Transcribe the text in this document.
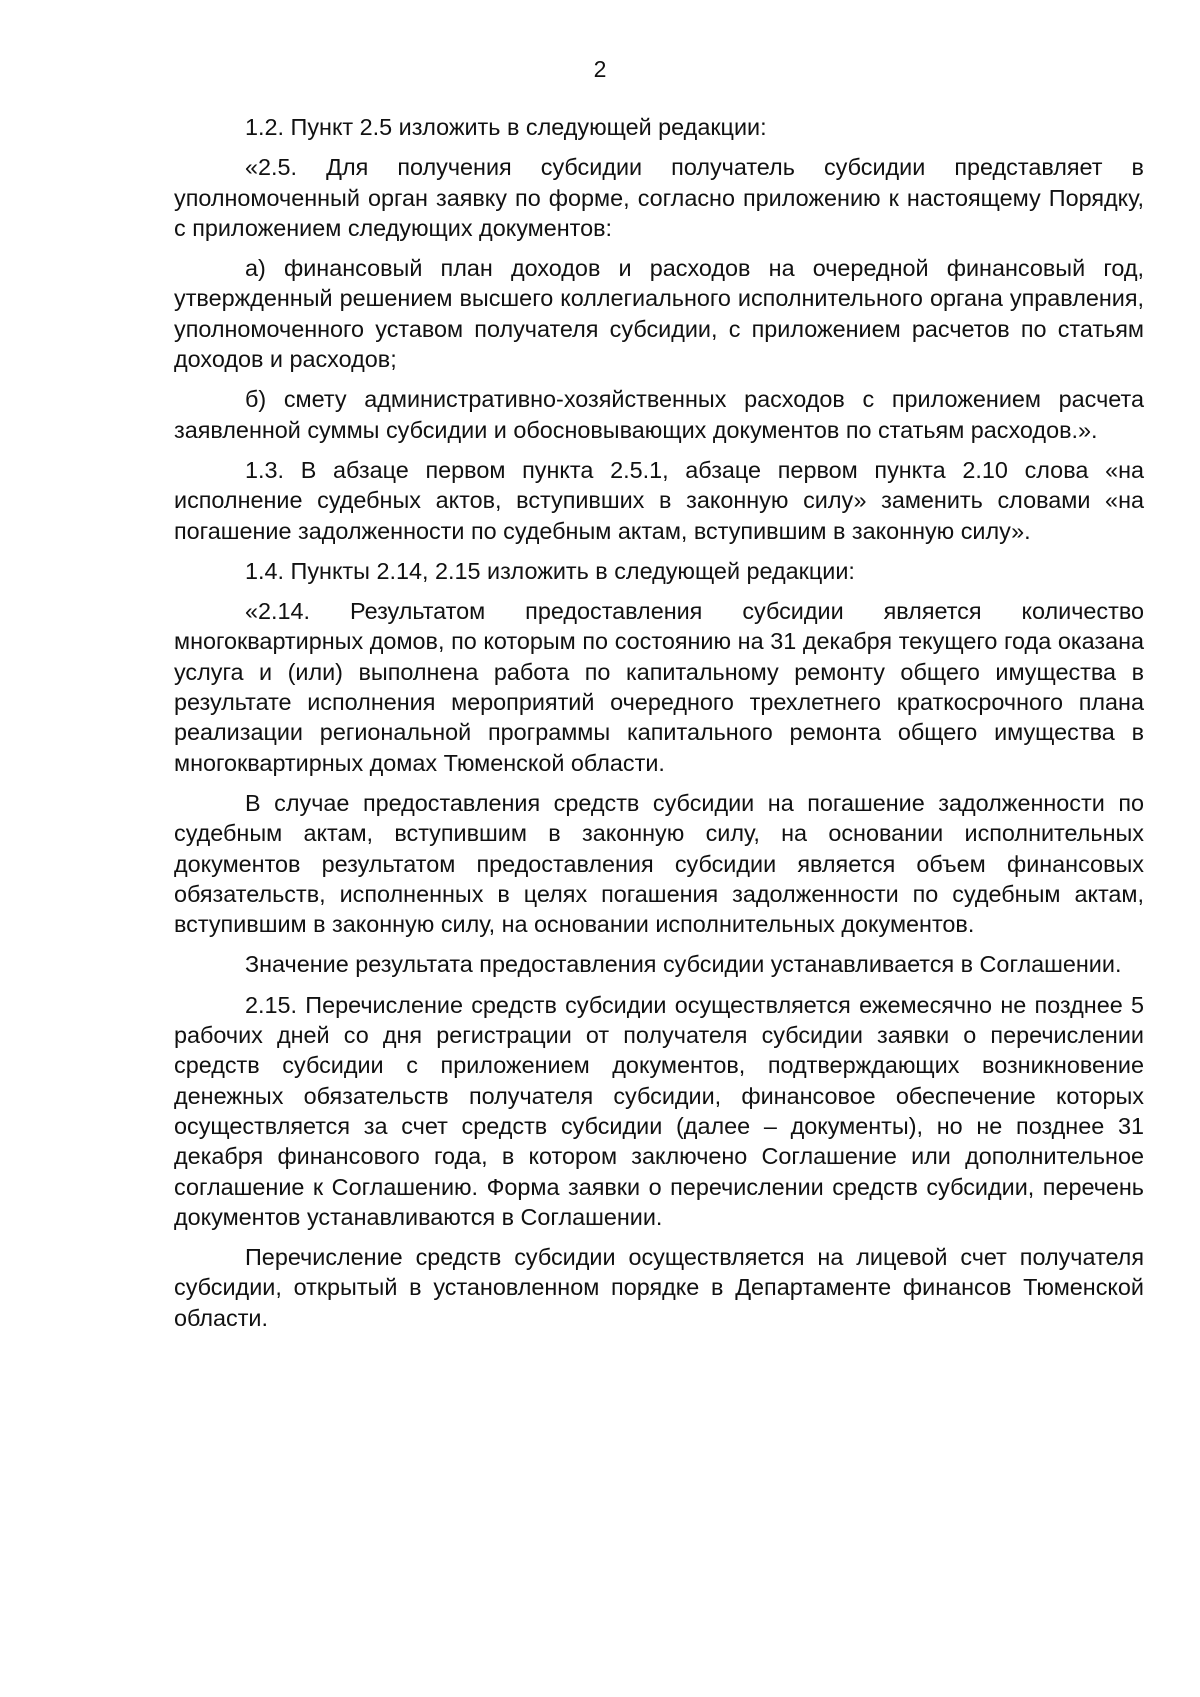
2

1.2. Пункт 2.5 изложить в следующей редакции:

«2.5. Для получения субсидии получатель субсидии представляет в уполномоченный орган заявку по форме, согласно приложению к настоящему Порядку, с приложением следующих документов:

а) финансовый план доходов и расходов на очередной финансовый год, утвержденный решением высшего коллегиального исполнительного органа управления, уполномоченного уставом получателя субсидии, с приложением расчетов по статьям доходов и расходов;

б) смету административно-хозяйственных расходов с приложением расчета заявленной суммы субсидии и обосновывающих документов по статьям расходов.».

1.3. В абзаце первом пункта 2.5.1, абзаце первом пункта 2.10 слова «на исполнение судебных актов, вступивших в законную силу» заменить словами «на погашение задолженности по судебным актам, вступившим в законную силу».

1.4. Пункты 2.14, 2.15 изложить в следующей редакции:

«2.14. Результатом предоставления субсидии является количество многоквартирных домов, по которым по состоянию на 31 декабря текущего года оказана услуга и (или) выполнена работа по капитальному ремонту общего имущества в результате исполнения мероприятий очередного трехлетнего краткосрочного плана реализации региональной программы капитального ремонта общего имущества в многоквартирных домах Тюменской области.

В случае предоставления средств субсидии на погашение задолженности по судебным актам, вступившим в законную силу, на основании исполнительных документов результатом предоставления субсидии является объем финансовых обязательств, исполненных в целях погашения задолженности по судебным актам, вступившим в законную силу, на основании исполнительных документов.

Значение результата предоставления субсидии устанавливается в Соглашении.

2.15. Перечисление средств субсидии осуществляется ежемесячно не позднее 5 рабочих дней со дня регистрации от получателя субсидии заявки о перечислении средств субсидии с приложением документов, подтверждающих возникновение денежных обязательств получателя субсидии, финансовое обеспечение которых осуществляется за счет средств субсидии (далее – документы), но не позднее 31 декабря финансового года, в котором заключено Соглашение или дополнительное соглашение к Соглашению. Форма заявки о перечислении средств субсидии, перечень документов устанавливаются в Соглашении.

Перечисление средств субсидии осуществляется на лицевой счет получателя субсидии, открытый в установленном порядке в Департаменте финансов Тюменской области.
